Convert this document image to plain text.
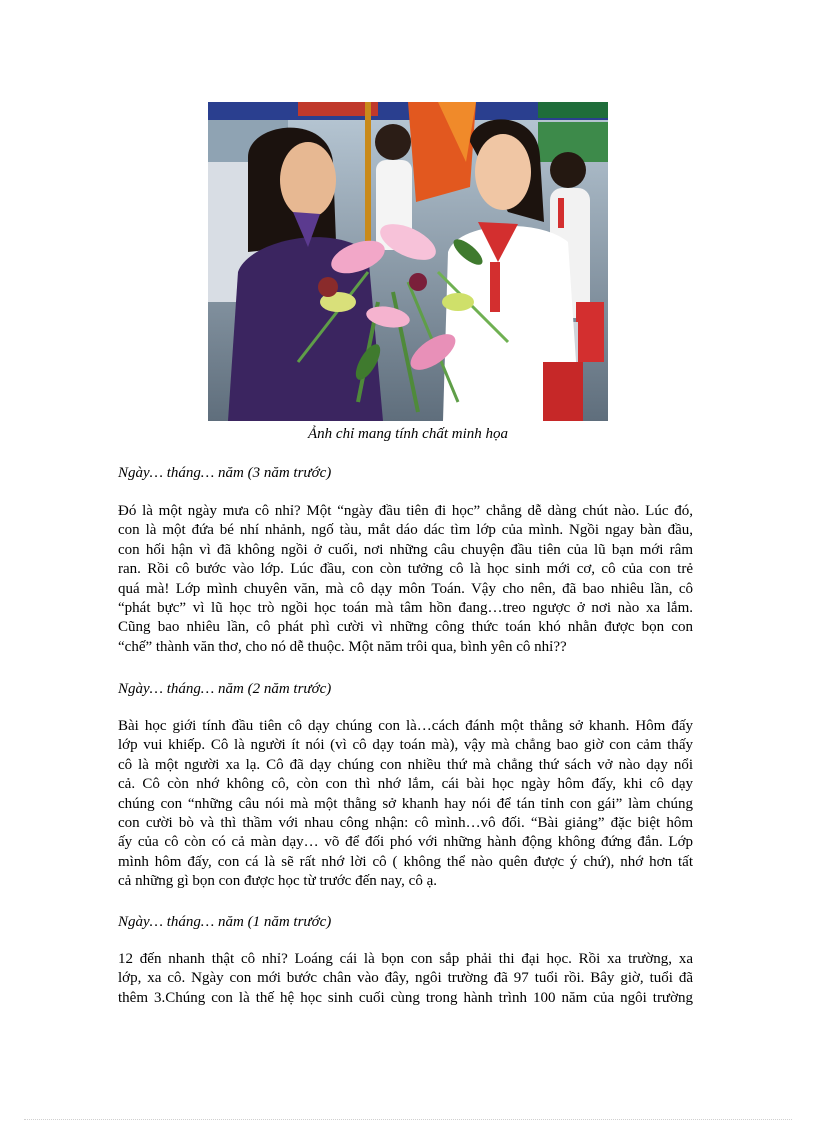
Ảnh chỉ mang tính chất minh họa
Ngày… tháng… năm (3 năm trước)
Đó là một ngày mưa cô nhỉ? Một “ngày đầu tiên đi học” chẳng dễ dàng chút nào. Lúc đó,
con là một đứa bé nhí nhảnh, ngố tàu, mắt dáo dác tìm lớp của mình. Ngồi ngay bàn đầu,
con hối hận vì đã không ngồi ở cuối, nơi những câu chuyện đầu tiên của lũ bạn mới râm
ran. Rồi cô bước vào lớp. Lúc đầu, con còn tưởng cô là học sinh mới cơ, cô của con trẻ
quá mà! Lớp mình chuyên văn, mà cô dạy môn Toán. Vậy cho nên, đã bao nhiêu lần, cô
“phát bực” vì lũ học trò ngồi học toán mà tâm hồn đang…treo ngược ở nơi nào xa lắm.
Cũng bao nhiêu lần, cô phát phì cười vì những công thức toán khó nhằn được bọn con
“chế” thành văn thơ, cho nó dễ thuộc. Một năm trôi qua, bình yên cô nhỉ??
Ngày… tháng… năm (2 năm trước)
Bài học giới tính đầu tiên cô dạy chúng con là…cách đánh một thằng sở khanh. Hôm đấy
lớp vui khiếp. Cô là người ít nói (vì cô dạy toán mà), vậy mà chẳng bao giờ con cảm thấy
cô là một người xa lạ. Cô đã dạy chúng con nhiều thứ mà chẳng thứ sách vở nào dạy nổi
cả. Cô còn nhớ không cô, còn con thì nhớ lắm, cái bài học ngày hôm đấy, khi cô dạy
chúng con “những câu nói mà một thằng sở khanh hay nói để tán tỉnh con gái” làm chúng
con cười bò và thì thầm với nhau công nhận: cô mình…vô đối. “Bài giảng” đặc biệt hôm
ấy của cô còn có cả màn dạy… võ để đối phó với những hành động không đứng đắn. Lớp
mình hôm đấy, con cá là sẽ rất nhớ lời cô ( không thể nào quên được ý chứ), nhớ hơn tất
cả những gì bọn con được học từ trước đến nay, cô ạ.
Ngày… tháng… năm (1 năm trước)
12 đến nhanh thật cô nhỉ? Loáng cái là bọn con sắp phải thi đại học. Rồi xa trường, xa
lớp, xa cô. Ngày con mới bước chân vào đây, ngôi trường đã 97 tuổi rồi. Bây giờ, tuổi đã
thêm 3.Chúng con là thế hệ học sinh cuối cùng trong hành trình 100 năm của ngôi trường
